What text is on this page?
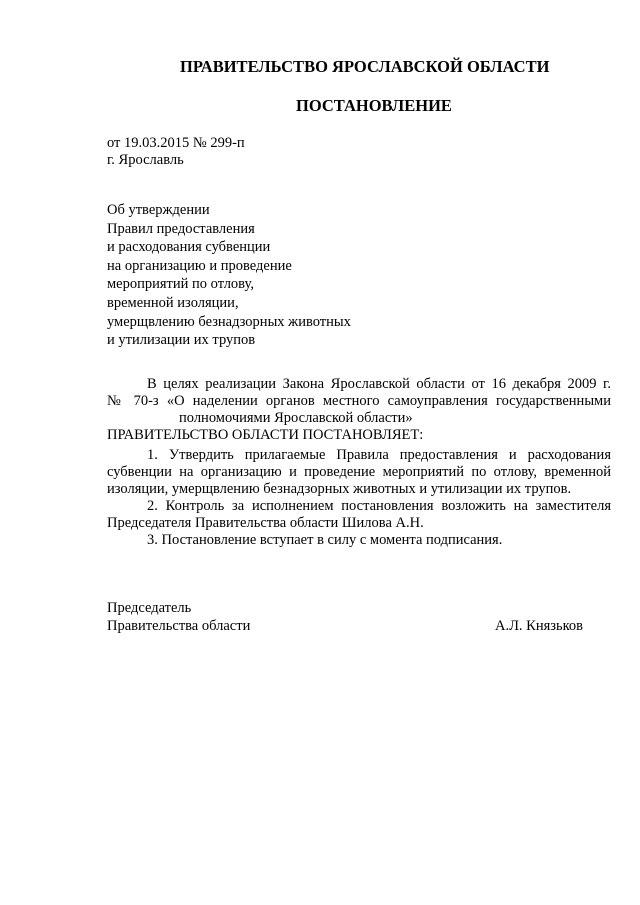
ПРАВИТЕЛЬСТВО ЯРОСЛАВСКОЙ ОБЛАСТИ
ПОСТАНОВЛЕНИЕ
от 19.03.2015 № 299-п
г. Ярославль
Об утверждении
Правил предоставления
и расходования субвенции
на организацию и проведение
мероприятий по отлову,
временной изоляции,
умерщвлению безнадзорных животных
и утилизации их трупов
В целях реализации Закона Ярославской области от 16 декабря 2009 г.
№ 70-з «О наделении органов местного самоуправления государственными
полномочиями Ярославской области»
ПРАВИТЕЛЬСТВО ОБЛАСТИ ПОСТАНОВЛЯЕТ:
1. Утвердить прилагаемые Правила предоставления и расходования
субвенции на организацию и проведение мероприятий по отлову, временной
изоляции, умерщвлению безнадзорных животных и утилизации их трупов.
2. Контроль за исполнением постановления возложить на заместителя
Председателя Правительства области Шилова А.Н.
3. Постановление вступает в силу с момента подписания.
Председатель
Правительства области	А.Л. Князьков
